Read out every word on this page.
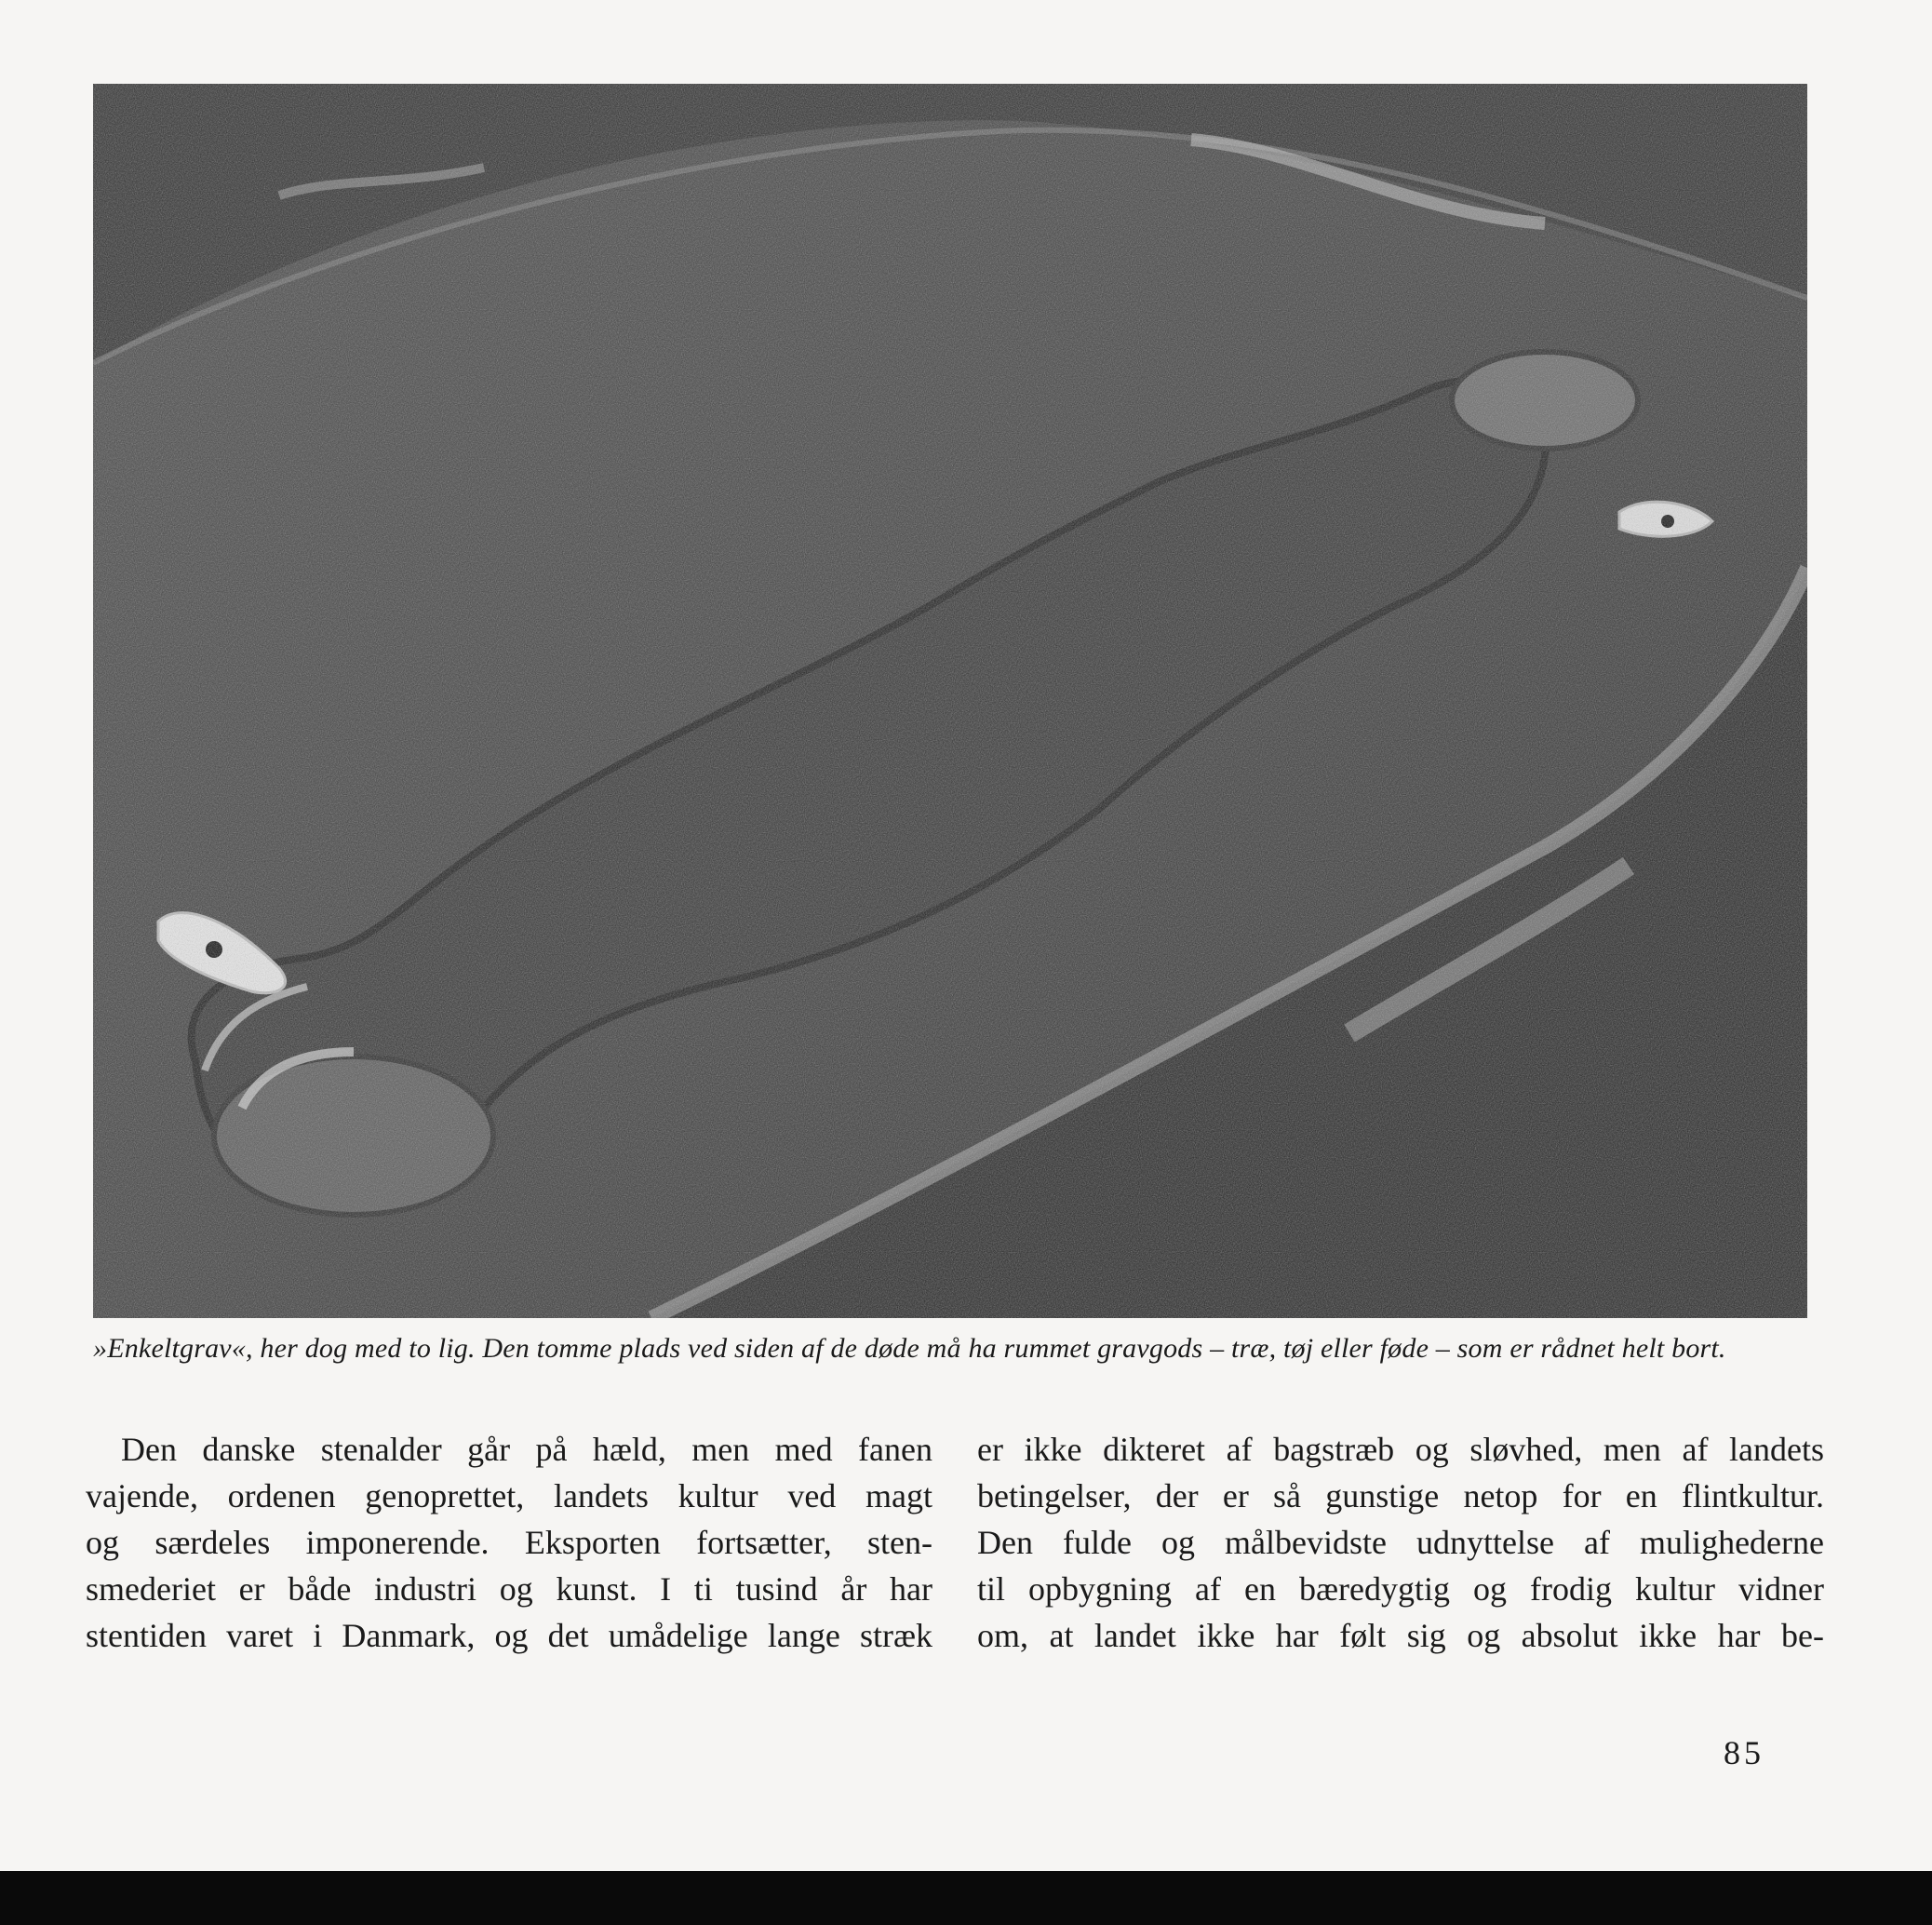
»Enkeltgrav«, her dog med to lig. Den tomme plads ved siden af de døde må ha rummet gravgods – træ, tøj eller føde – som er rådnet helt bort.
Den danske stenalder går på hæld, men med fanen
vajende, ordenen genoprettet, landets kultur ved magt
og særdeles imponerende. Eksporten fortsætter, sten-
smederiet er både industri og kunst. I ti tusind år har
stentiden varet i Danmark, og det umådelige lange stræk
er ikke dikteret af bagstræb og sløvhed, men af landets
betingelser, der er så gunstige netop for en flintkultur.
Den fulde og målbevidste udnyttelse af mulighederne
til opbygning af en bæredygtig og frodig kultur vidner
om, at landet ikke har følt sig og absolut ikke har be-
85
